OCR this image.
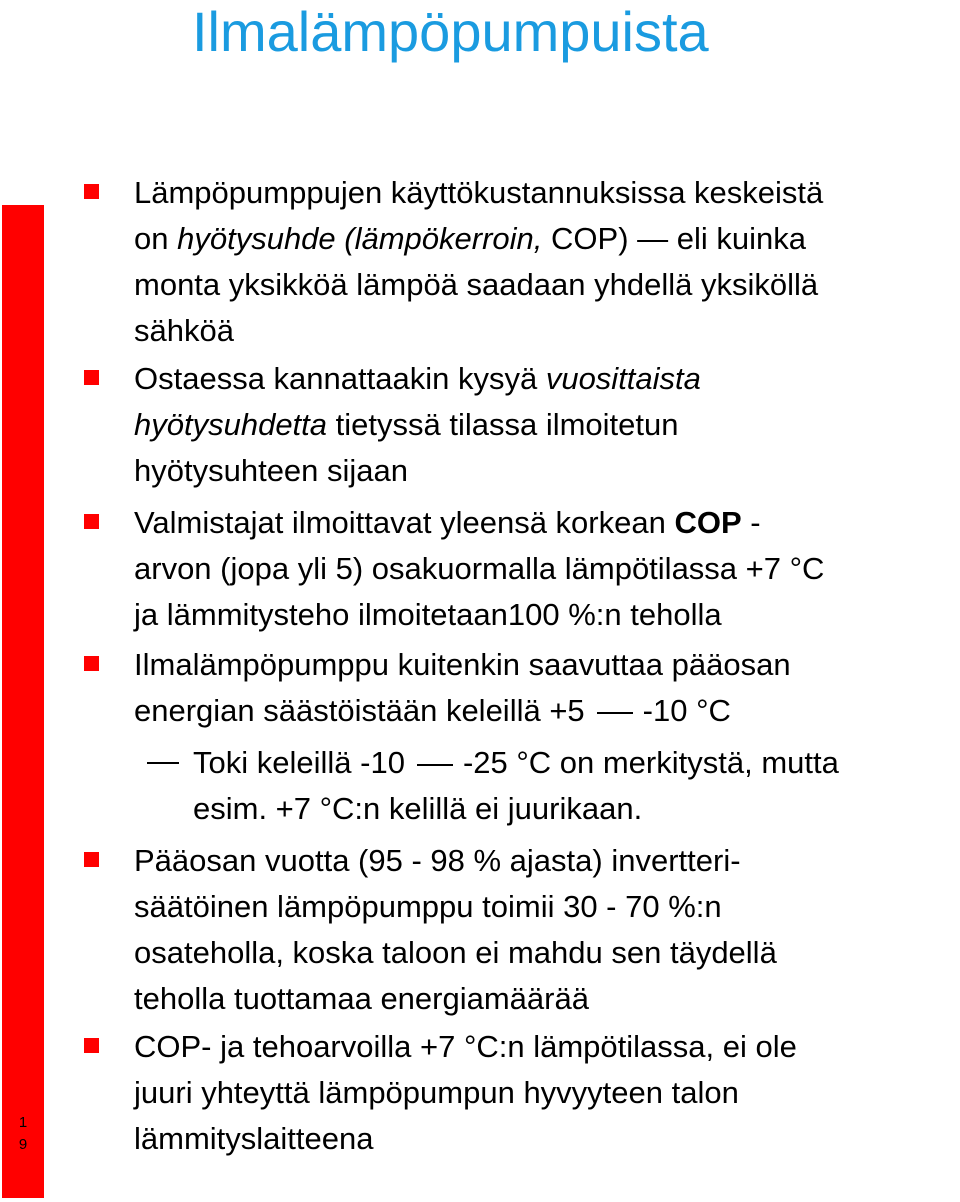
Ilmalämpöpumpuista
1
9
Lämpöpumppujen käyttökustannuksissa keskeistä
on hyötysuhde (lämpökerroin, COP) — eli kuinka
monta yksikköä lämpöä saadaan yhdellä yksiköllä
sähköä
Ostaessa kannattaakin kysyä vuosittaista
hyötysuhdetta tietyssä tilassa ilmoitetun
hyötysuhteen sijaan
Valmistajat ilmoittavat yleensä korkean COP -
arvon (jopa yli 5) osakuormalla lämpötilassa +7 °C
ja lämmitysteho ilmoitetaan100 %:n teholla
Ilmalämpöpumppu kuitenkin saavuttaa pääosan
energian säästöistään keleillä +5 -10 °C
Toki keleillä -10 -25 °C on merkitystä, mutta
esim. +7 °C:n kelillä ei juurikaan.
Pääosan vuotta (95 - 98 % ajasta) invertteri-
säätöinen lämpöpumppu toimii 30 - 70 %:n
osateholla, koska taloon ei mahdu sen täydellä
teholla tuottamaa energiamäärää
COP- ja tehoarvoilla +7 °C:n lämpötilassa, ei ole
juuri yhteyttä lämpöpumpun hyvyyteen talon
lämmityslaitteena
